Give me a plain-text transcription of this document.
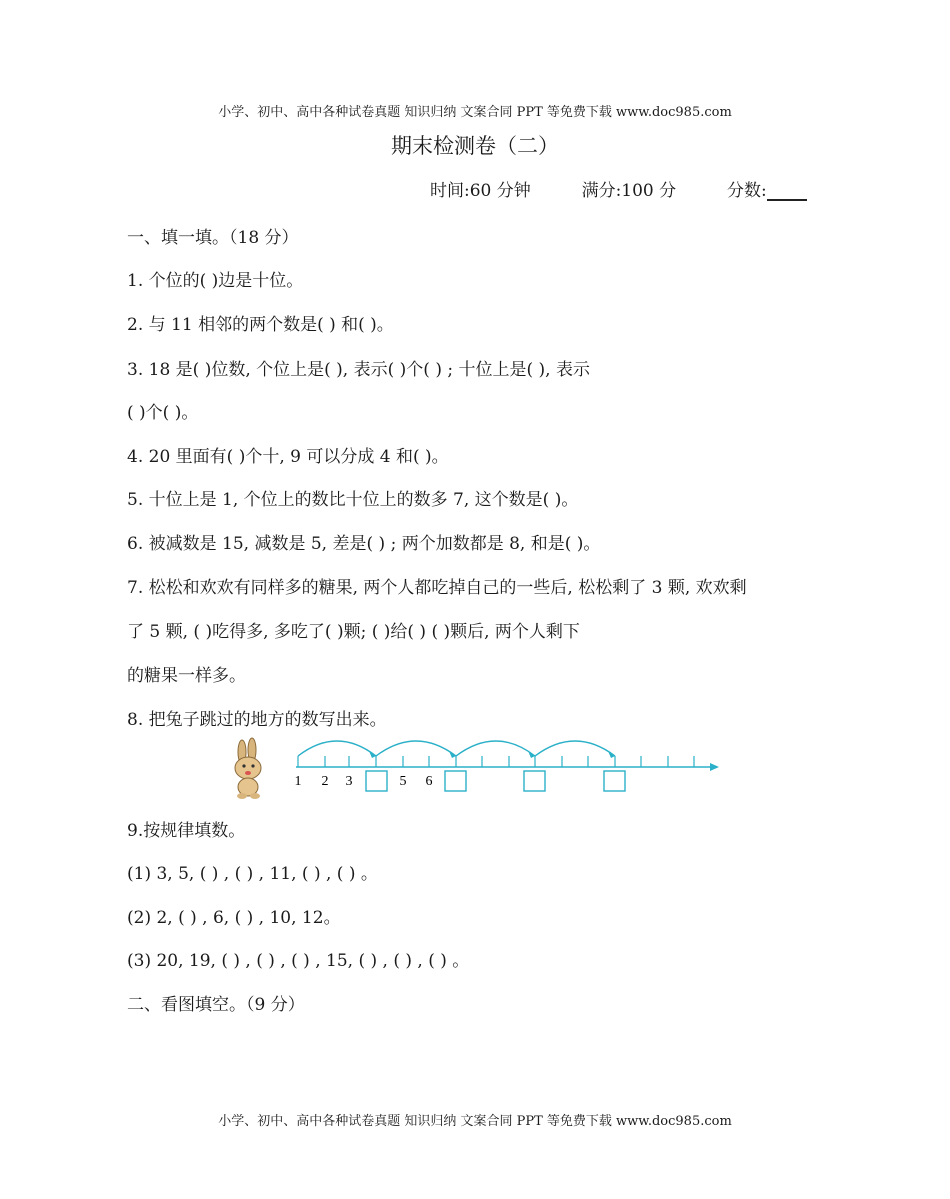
小学、初中、高中各种试卷真题 知识归纳 文案合同 PPT 等免费下载 www.doc985.com
期末检测卷（二）
时间:60 分钟	满分:100 分	分数:
一、填一填。（18 分）
1. 个位的( )边是十位。
2. 与 11 相邻的两个数是( ) 和( )。
3. 18 是( )位数, 个位上是( ), 表示( )个( ) ; 十位上是( ), 表示
( )个( )。
4. 20 里面有( )个十, 9 可以分成 4 和( )。
5. 十位上是 1, 个位上的数比十位上的数多 7, 这个数是( )。
6. 被减数是 15, 减数是 5, 差是( ) ; 两个加数都是 8, 和是( )。
7. 松松和欢欢有同样多的糖果, 两个人都吃掉自己的一些后, 松松剩了 3 颗, 欢欢剩
了 5 颗, ( )吃得多, 多吃了( )颗; ( )给( ) ( )颗后, 两个人剩下
的糖果一样多。
8. 把兔子跳过的地方的数写出来。
1 2 3	5 6
9.按规律填数。
(1) 3, 5, ( ) , ( ) , 11, ( ) , ( ) 。
(2) 2, ( ) , 6, ( ) , 10, 12。
(3) 20, 19, ( ) , ( ) , ( ) , 15, ( ) , ( ) , ( ) 。
二、看图填空。（9 分）
小学、初中、高中各种试卷真题 知识归纳 文案合同 PPT 等免费下载 www.doc985.com
